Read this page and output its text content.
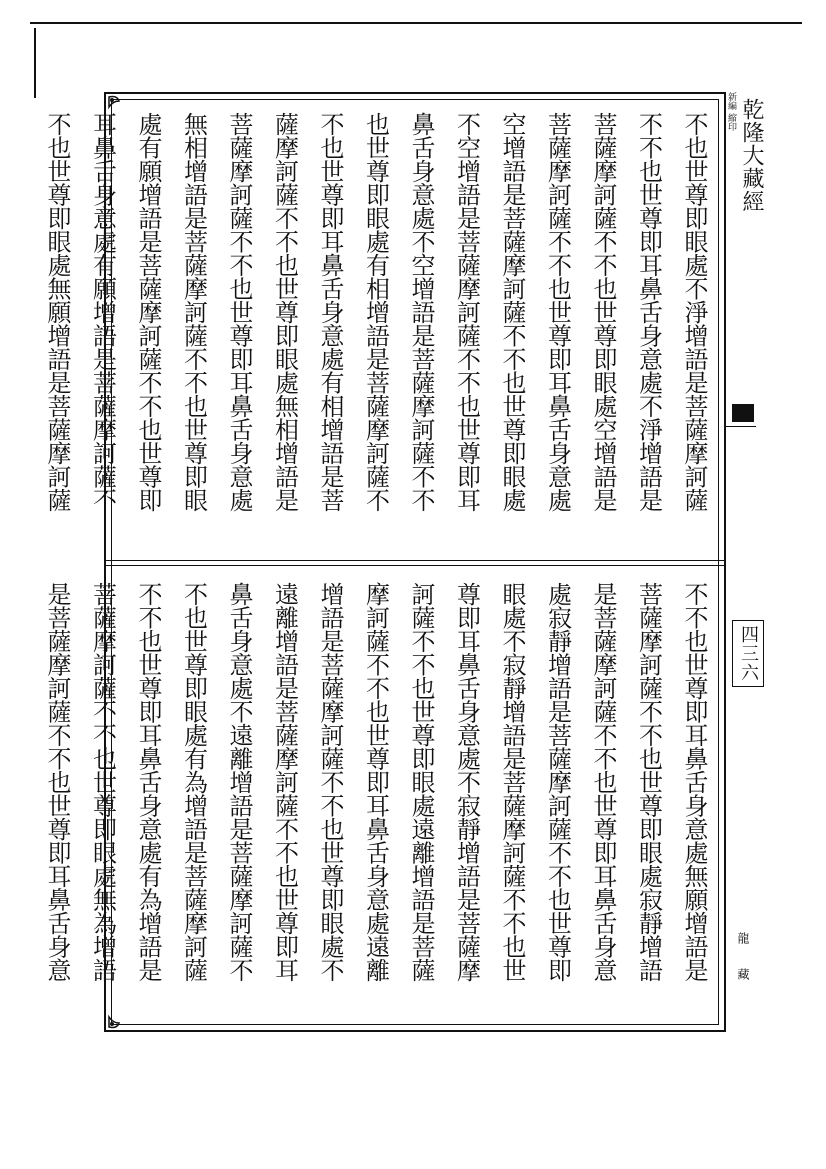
不也世尊即眼處不淨增語是菩薩摩訶薩
不不也世尊即耳鼻舌身意處不淨增語是
菩薩摩訶薩不不也世尊即眼處空增語是
菩薩摩訶薩不不也世尊即耳鼻舌身意處
空增語是菩薩摩訶薩不不也世尊即眼處
不空增語是菩薩摩訶薩不不也世尊即耳
鼻舌身意處不空增語是菩薩摩訶薩不不
也世尊即眼處有相增語是菩薩摩訶薩不
不也世尊即耳鼻舌身意處有相增語是菩
薩摩訶薩不不也世尊即眼處無相增語是
菩薩摩訶薩不不也世尊即耳鼻舌身意處
無相增語是菩薩摩訶薩不不也世尊即眼
處有願增語是菩薩摩訶薩不不也世尊即
耳鼻舌身意處有願增語是菩薩摩訶薩不
不也世尊即眼處無願增語是菩薩摩訶薩
不不也世尊即耳鼻舌身意處無願增語是
菩薩摩訶薩不不也世尊即眼處寂靜增語
是菩薩摩訶薩不不也世尊即耳鼻舌身意
處寂靜增語是菩薩摩訶薩不不也世尊即
眼處不寂靜增語是菩薩摩訶薩不不也世
尊即耳鼻舌身意處不寂靜增語是菩薩摩
訶薩不不也世尊即眼處遠離增語是菩薩
摩訶薩不不也世尊即耳鼻舌身意處遠離
增語是菩薩摩訶薩不不也世尊即眼處不
遠離增語是菩薩摩訶薩不不也世尊即耳
鼻舌身意處不遠離增語是菩薩摩訶薩不
不也世尊即眼處有為增語是菩薩摩訶薩
不不也世尊即耳鼻舌身意處有為增語是
菩薩摩訶薩不不也世尊即眼處無為增語
是菩薩摩訶薩不不也世尊即耳鼻舌身意
新編 縮印 乾隆大藏經
四三六
龍 藏
